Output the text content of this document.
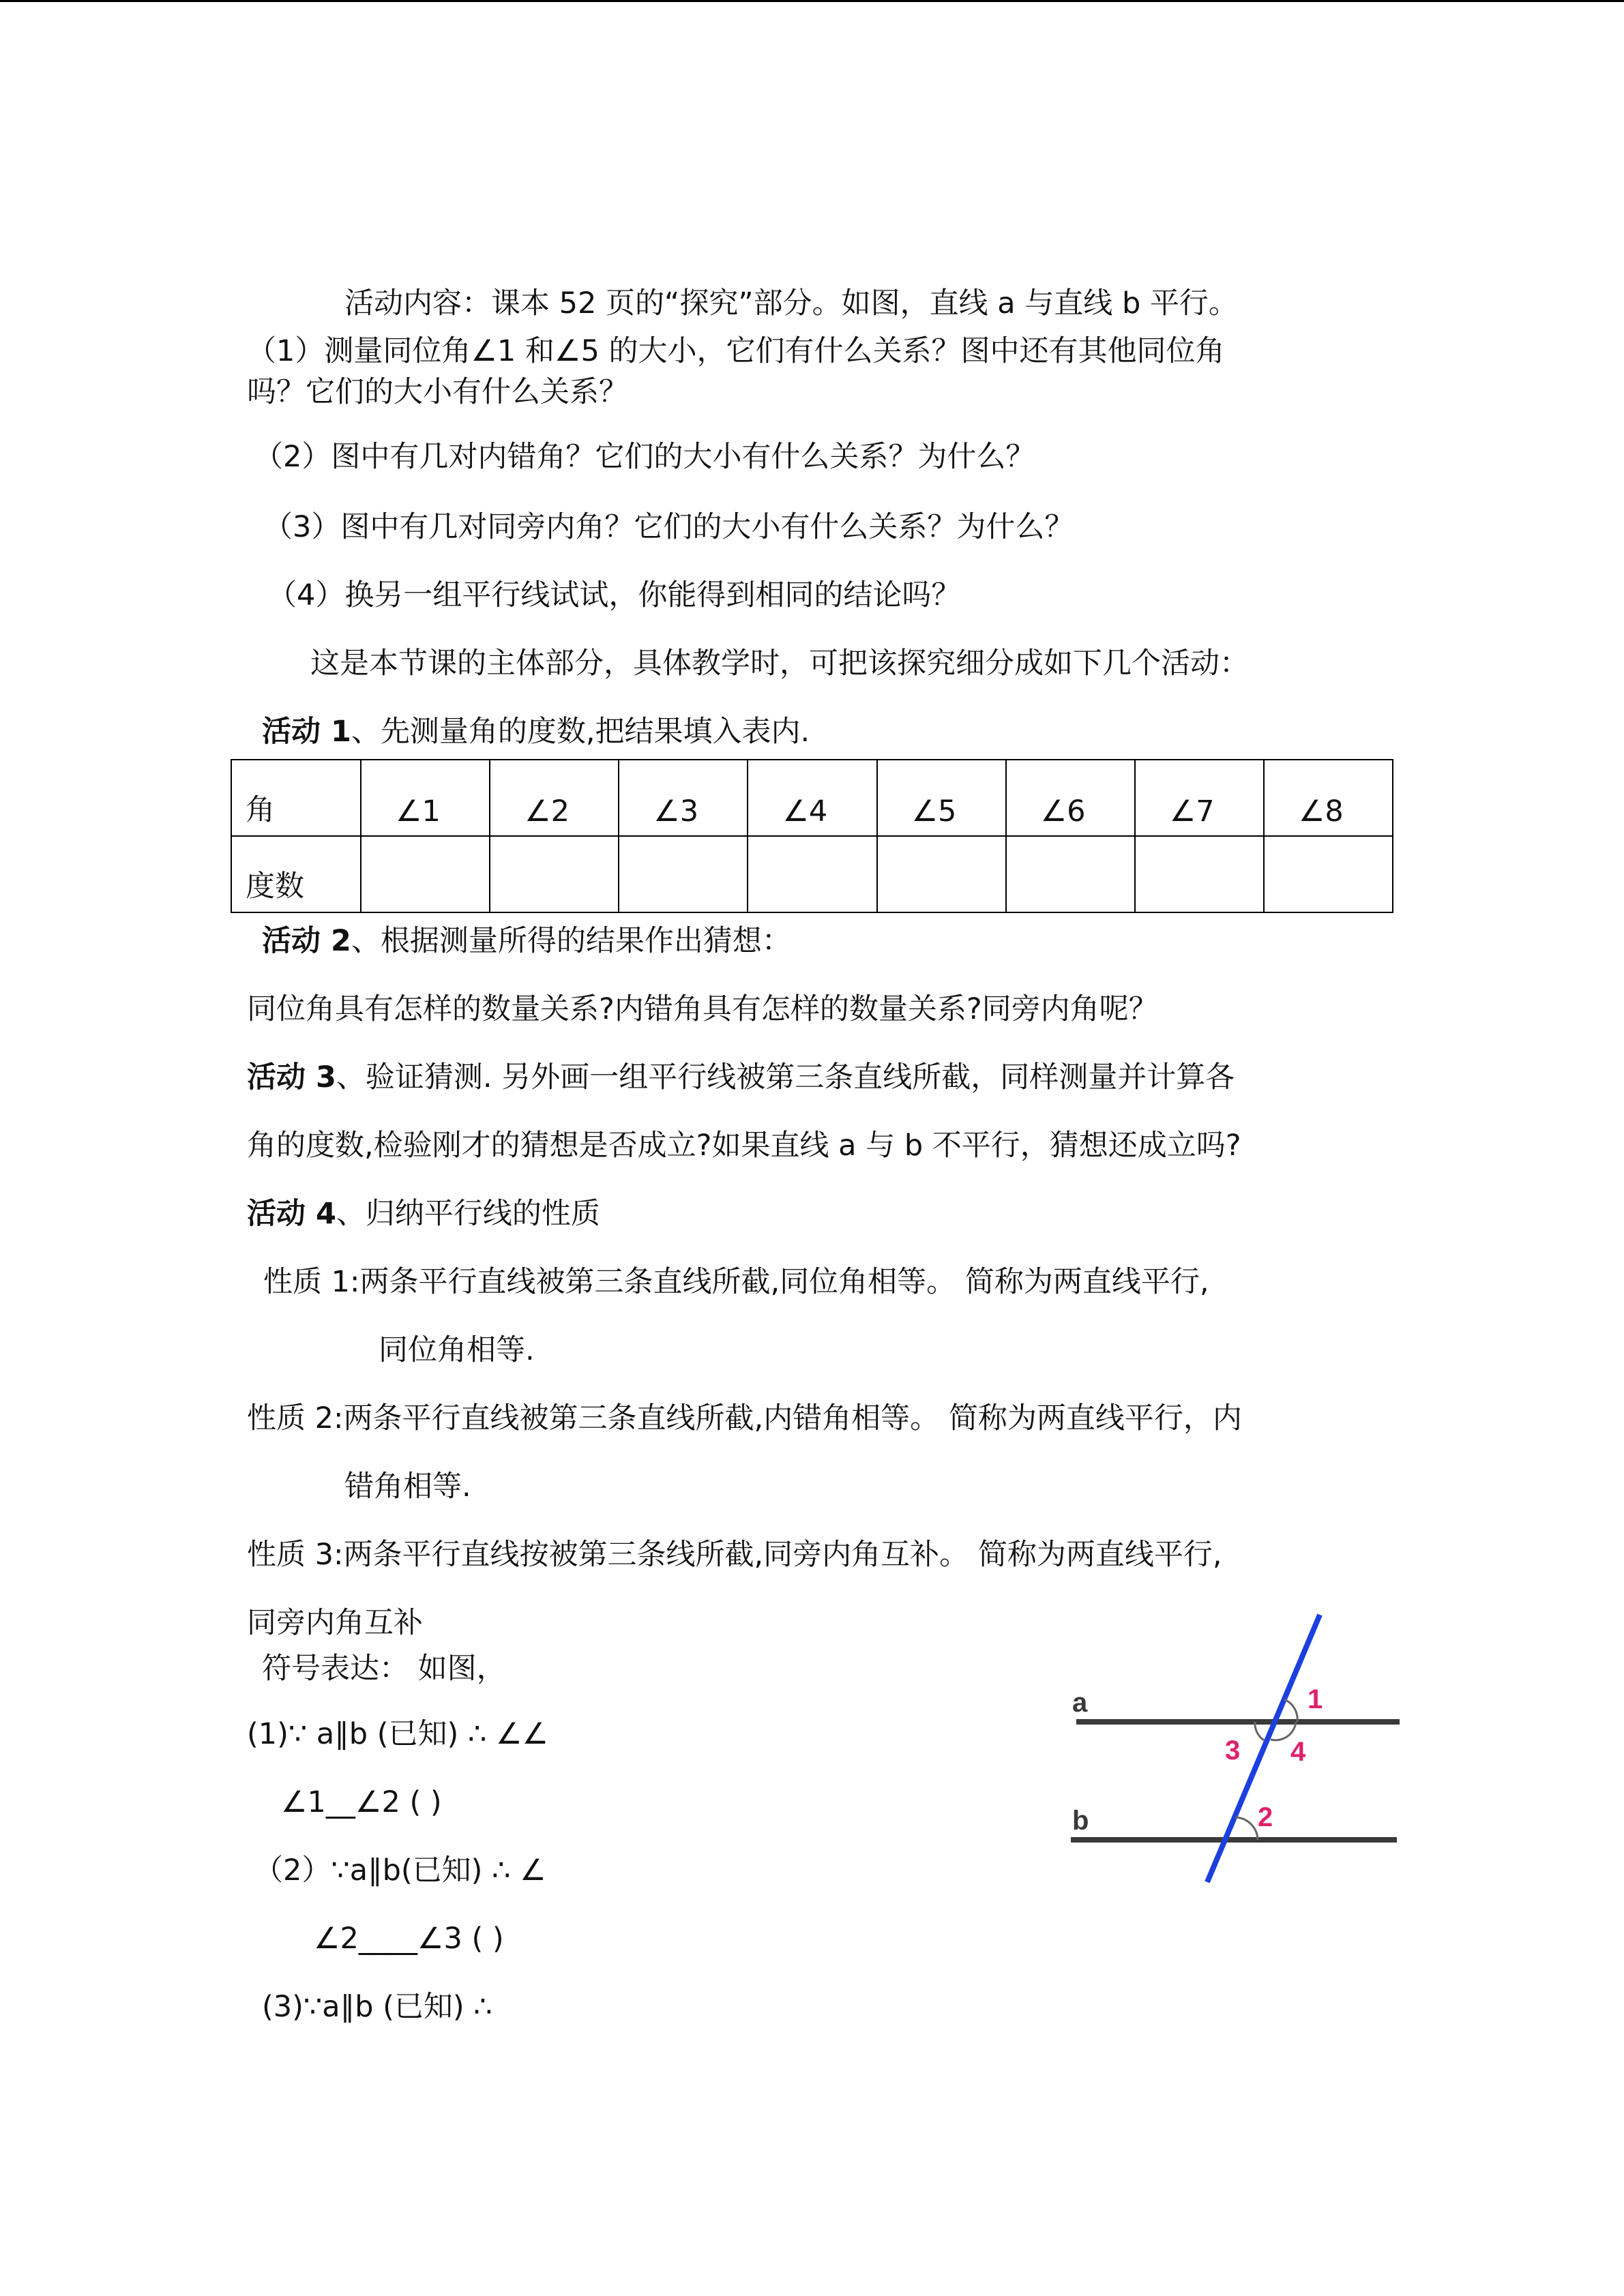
活动内容：课本 52 页的“探究”部分。如图，直线 a 与直线 b 平行。
（1）测量同位角∠1 和∠5 的大小，它们有什么关系？图中还有其他同位角
吗？它们的大小有什么关系？
（2）图中有几对内错角？它们的大小有什么关系？为什么？
（3）图中有几对同旁内角？它们的大小有什么关系？为什么？
（4）换另一组平行线试试，你能得到相同的结论吗？
这是本节课的主体部分，具体教学时，可把该探究细分成如下几个活动：
活动 1、先测量角的度数,把结果填入表内.
角	∠1	∠2	∠3	∠4	∠5	∠6	∠7	∠8
度数								
活动 2、根据测量所得的结果作出猜想：
同位角具有怎样的数量关系?内错角具有怎样的数量关系?同旁内角呢？
活动 3、验证猜测. 另外画一组平行线被第三条直线所截，同样测量并计算各
角的度数,检验刚才的猜想是否成立?如果直线 a 与 b 不平行，猜想还成立吗?
活动 4、归纳平行线的性质
性质 1:两条平行直线被第三条直线所截,同位角相等。 简称为两直线平行,
同位角相等.
性质 2:两条平行直线被第三条直线所截,内错角相等。 简称为两直线平行，内
错角相等.
性质 3:两条平行直线按被第三条线所截,同旁内角互补。 简称为两直线平行,
同旁内角互补
符号表达： 如图，
(1)∵ a∥b (已知) ∴ ∠∠
∠1__∠2 ( )
（2）∵a∥b(已知) ∴ ∠
∠2____∠3 ( )
(3)∵a∥b (已知) ∴
a
b
1
3 4
2
